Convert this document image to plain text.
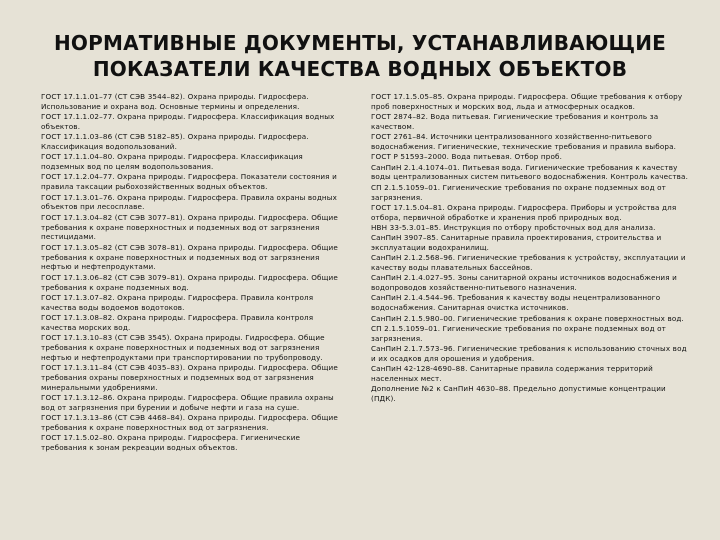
НОРМАТИВНЫЕ ДОКУМЕНТЫ, УСТАНАВЛИВАЮЩИЕ ПОКАЗАТЕЛИ КАЧЕСТВА ВОДНЫХ ОБЪЕКТОВ

ГОСТ 17.1.1.01–77 (СТ СЭВ 3544–82). Охрана природы. Гидросфера. Использование и охрана вод. Основные термины и определения.

ГОСТ 17.1.1.02–77. Охрана природы. Гидросфера. Классификация водных объектов.

ГОСТ 17.1.1.03–86 (СТ СЭВ 5182–85). Охрана природы. Гидросфера. Классификация водопользований.

ГОСТ 17.1.1.04–80. Охрана природы. Гидросфера. Классификация подземных вод по целям водопользования.

ГОСТ 17.1.2.04–77. Охрана природы. Гидросфера. Показатели состояния и правила таксации рыбохозяйственных водных объектов.

ГОСТ 17.1.3.01–76. Охрана природы. Гидросфера. Правила охраны водных объектов при лесосплаве.

ГОСТ 17.1.3.04–82 (СТ СЭВ 3077–81). Охрана природы. Гидросфера. Общие требования к охране поверхностных и подземных вод от загрязнения пестицидами.

ГОСТ 17.1.3.05–82 (СТ СЭВ 3078–81). Охрана природы. Гидросфера. Общие требования к охране поверхностных и подземных вод от загрязнения нефтью и нефтепродуктами.

ГОСТ 17.1.3.06–82 (СТ СЭВ 3079–81). Охрана природы. Гидросфера. Общие требования к охране подземных вод.

ГОСТ 17.1.3.07–82. Охрана природы. Гидросфера. Правила контроля качества воды водоемов водотоков.

ГОСТ 17.1.3.08–82. Охрана природы. Гидросфера. Правила контроля качества морских вод.

ГОСТ 17.1.3.10–83 (СТ СЭВ 3545). Охрана природы. Гидросфера. Общие требования к охране поверхностных и подземных вод от загрязнения нефтью и нефтепродуктами при транспортировании по трубопроводу.

ГОСТ 17.1.3.11–84 (СТ СЭВ 4035–83). Охрана природы. Гидросфера. Общие требования охраны поверхностных и подземных вод от загрязнения минеральными удобрениями.

ГОСТ 17.1.3.12–86. Охрана природы. Гидросфера. Общие правила охраны вод от загрязнения при бурении и добыче нефти и газа на суше.

ГОСТ 17.1.3.13–86 (СТ СЭВ 4468–84). Охрана природы. Гидросфера. Общие требования к охране поверхностных вод от загрязнения.

ГОСТ 17.1.5.02–80. Охрана природы. Гидросфера. Гигиенические требования к зонам рекреации водных объектов.

ГОСТ 17.1.5.05–85. Охрана природы. Гидросфера. Общие требования к отбору проб поверхностных и морских вод, льда и атмосферных осадков.

ГОСТ 2874–82. Вода питьевая. Гигиенические требования и контроль за качеством.

ГОСТ 2761–84. Источники централизованного хозяйственно-питьевого водоснабжения. Гигиенические, технические требования и правила выбора.

ГОСТ Р 51593–2000. Вода питьевая. Отбор проб.

СанПиН 2.1.4.1074–01. Питьевая вода. Гигиенические требования к качеству воды централизованных систем питьевого водоснабжения. Контроль качества.

СП 2.1.5.1059–01. Гигиенические требования по охране подземных вод от загрязнения.

ГОСТ 17.1.5.04–81. Охрана природы. Гидросфера. Приборы и устройства для отбора, первичной обработке и хранения проб природных вод.

НВН 33-5.3.01–85. Инструкция по отбору пробсточных вод для анализа.

СанПиН 3907–85. Санитарные правила проектирования, строительства и эксплуатации водохранилищ.

СанПиН 2.1.2.568–96. Гигиенические требования к устройству, эксплуатации и качеству воды плавательных бассейнов.

СанПиН 2.1.4.027–95. Зоны санитарной охраны источников водоснабжения и водопроводов хозяйственно-питьевого назначения.

СанПиН 2.1.4.544–96. Требования к качеству воды нецентрализованного водоснабжения. Санитарная очистка источников.

СанПиН 2.1.5.980–00. Гигиенические требования к охране поверхностных вод.

СП 2.1.5.1059–01. Гигиенические требования по охране подземных вод от загрязнения.

СанПиН 2.1.7.573–96. Гигиенические требования к использованию сточных вод и их осадков для орошения и удобрения.

СанПиН 42-128-4690–88. Санитарные правила содержания территорий населенных мест.

Дополнение №2 к СанПиН 4630–88. Предельно допустимые концентрации (ПДК).
